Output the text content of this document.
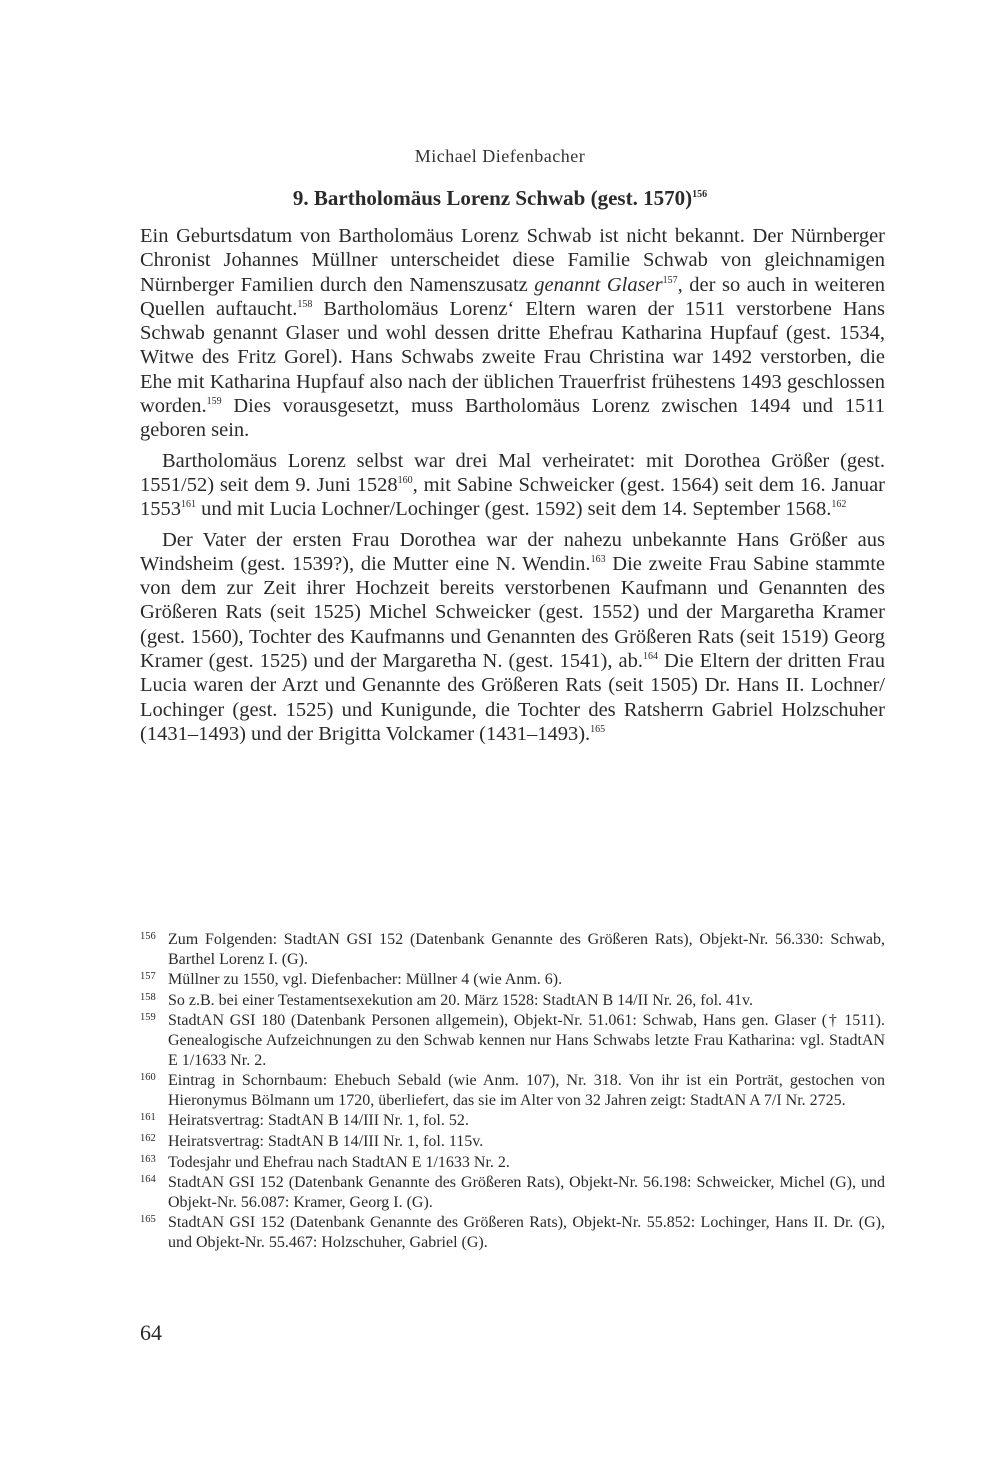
Michael Diefenbacher
9. Bartholomäus Lorenz Schwab (gest. 1570)$^{156}$

Ein Geburtsdatum von Bartholomäus Lorenz Schwab ist nicht bekannt. Der Nürnberger Chronist Johannes Müllner unterscheidet diese Familie Schwab von gleichnamigen Nürnberger Familien durch den Namenszusatz genannt Glaser$^{157}$, der so auch in weiteren Quellen auftaucht.$^{158}$ Bartholomäus Lorenz‘ Eltern waren der 1511 verstorbene Hans Schwab genannt Glaser und wohl dessen dritte Ehefrau Katharina Hupfauf (gest. 1534, Witwe des Fritz Gorel). Hans Schwabs zweite Frau Christina war 1492 verstorben, die Ehe mit Katharina Hupfauf also nach der üblichen Trauerfrist frühestens 1493 geschlossen worden.$^{159}$ Dies vorausgesetzt, muss Bartholomäus Lorenz zwischen 1494 und 1511 geboren sein.

Bartholomäus Lorenz selbst war drei Mal verheiratet: mit Dorothea Größer (gest. 1551/52) seit dem 9. Juni 1528$^{160}$, mit Sabine Schweicker (gest. 1564) seit dem 16. Januar 1553$^{161}$ und mit Lucia Lochner/Lochinger (gest. 1592) seit dem 14. September 1568.$^{162}$

Der Vater der ersten Frau Dorothea war der nahezu unbekannte Hans Größer aus Windsheim (gest. 1539?), die Mutter eine N. Wendin.$^{163}$ Die zweite Frau Sabine stammte von dem zur Zeit ihrer Hochzeit bereits verstorbenen Kaufmann und Genannten des Größeren Rats (seit 1525) Michel Schweicker (gest. 1552) und der Margaretha Kramer (gest. 1560), Tochter des Kaufmanns und Genannten des Größeren Rats (seit 1519) Georg Kramer (gest. 1525) und der Margaretha N. (gest. 1541), ab.$^{164}$ Die Eltern der dritten Frau Lucia waren der Arzt und Genannte des Größeren Rats (seit 1505) Dr. Hans II. Lochner/ Lochinger (gest. 1525) und Kunigunde, die Tochter des Ratsherrn Gabriel Holzschuher (1431–1493) und der Brigitta Volckamer (1431–1493).$^{165}$

156 Zum Folgenden: StadtAN GSI 152 (Datenbank Genannte des Größeren Rats), Objekt-Nr. 56.330: Schwab, Barthel Lorenz I. (G).
157 Müllner zu 1550, vgl. Diefenbacher: Müllner 4 (wie Anm. 6).
158 So z.B. bei einer Testamentsexekution am 20. März 1528: StadtAN B 14/II Nr. 26, fol. 41v.
159 StadtAN GSI 180 (Datenbank Personen allgemein), Objekt-Nr. 51.061: Schwab, Hans gen. Glaser († 1511). Genealogische Aufzeichnungen zu den Schwab kennen nur Hans Schwabs letzte Frau Katharina: vgl. StadtAN E 1/1633 Nr. 2.
160 Eintrag in Schornbaum: Ehebuch Sebald (wie Anm. 107), Nr. 318. Von ihr ist ein Porträt, gestochen von Hieronymus Bölmann um 1720, überliefert, das sie im Alter von 32 Jahren zeigt: StadtAN A 7/I Nr. 2725.
161 Heiratsvertrag: StadtAN B 14/III Nr. 1, fol. 52.
162 Heiratsvertrag: StadtAN B 14/III Nr. 1, fol. 115v.
163 Todesjahr und Ehefrau nach StadtAN E 1/1633 Nr. 2.
164 StadtAN GSI 152 (Datenbank Genannte des Größeren Rats), Objekt-Nr. 56.198: Schweicker, Michel (G), und Objekt-Nr. 56.087: Kramer, Georg I. (G).
165 StadtAN GSI 152 (Datenbank Genannte des Größeren Rats), Objekt-Nr. 55.852: Lochinger, Hans II. Dr. (G), und Objekt-Nr. 55.467: Holzschuher, Gabriel (G).
64
